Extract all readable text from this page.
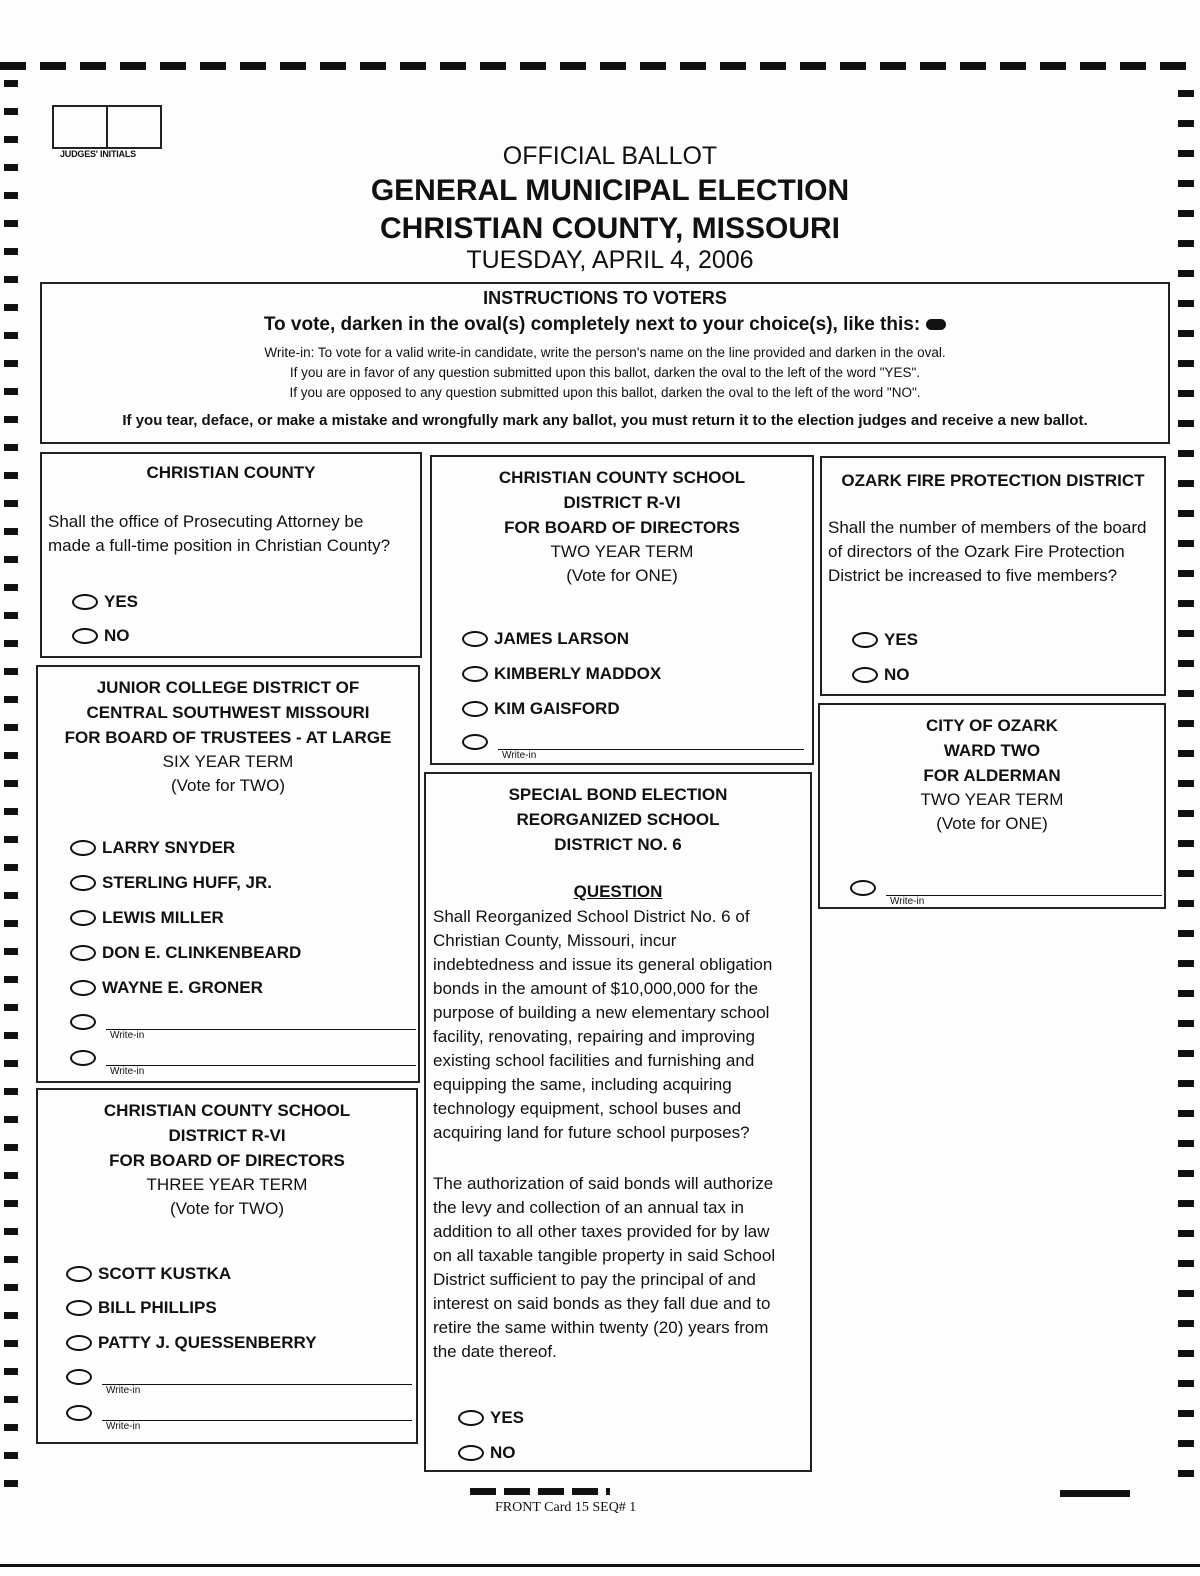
JUDGES' INITIALS	OFFICIAL BALLOT
GENERAL MUNICIPAL ELECTION
CHRISTIAN COUNTY, MISSOURI
TUESDAY, APRIL 4, 2006
INSTRUCTIONS TO VOTERS
To vote, darken in the oval(s) completely next to your choice(s), like this:
Write-in: To vote for a valid write-in candidate, write the person's name on the line provided and darken in the oval.
If you are in favor of any question submitted upon this ballot, darken the oval to the left of the word "YES".
If you are opposed to any question submitted upon this ballot, darken the oval to the left of the word "NO".
If you tear, deface, or make a mistake and wrongfully mark any ballot, you must return it to the election judges and receive a new ballot.
CHRISTIAN COUNTY
Shall the office of Prosecuting Attorney be made a full-time position in Christian County?
YES
NO
JUNIOR COLLEGE DISTRICT OF
CENTRAL SOUTHWEST MISSOURI
FOR BOARD OF TRUSTEES - AT LARGE
SIX YEAR TERM
(Vote for TWO)
LARRY SNYDER
STERLING HUFF, JR.
LEWIS MILLER
DON E. CLINKENBEARD
WAYNE E. GRONER
Write-in
Write-in
CHRISTIAN COUNTY SCHOOL
DISTRICT R-VI
FOR BOARD OF DIRECTORS
THREE YEAR TERM
(Vote for TWO)
SCOTT KUSTKA
BILL PHILLIPS
PATTY J. QUESSENBERRY
Write-in
Write-in
CHRISTIAN COUNTY SCHOOL
DISTRICT R-VI
FOR BOARD OF DIRECTORS
TWO YEAR TERM
(Vote for ONE)
JAMES LARSON
KIMBERLY MADDOX
KIM GAISFORD
Write-in
SPECIAL BOND ELECTION
REORGANIZED SCHOOL
DISTRICT NO. 6
QUESTION
Shall Reorganized School District No. 6 of
Christian County, Missouri, incur
indebtedness and issue its general obligation
bonds in the amount of $10,000,000 for the
purpose of building a new elementary school
facility, renovating, repairing and improving
existing school facilities and furnishing and
equipping the same, including acquiring
technology equipment, school buses and
acquiring land for future school purposes?
The authorization of said bonds will authorize
the levy and collection of an annual tax in
addition to all other taxes provided for by law
on all taxable tangible property in said School
District sufficient to pay the principal of and
interest on said bonds as they fall due and to
retire the same within twenty (20) years from
the date thereof.
YES
NO
OZARK FIRE PROTECTION DISTRICT
Shall the number of members of the board of directors of the Ozark Fire Protection District be increased to five members?
YES
NO
CITY OF OZARK
WARD TWO
FOR ALDERMAN
TWO YEAR TERM
(Vote for ONE)
Write-in
FRONT Card 15 SEQ# 1
